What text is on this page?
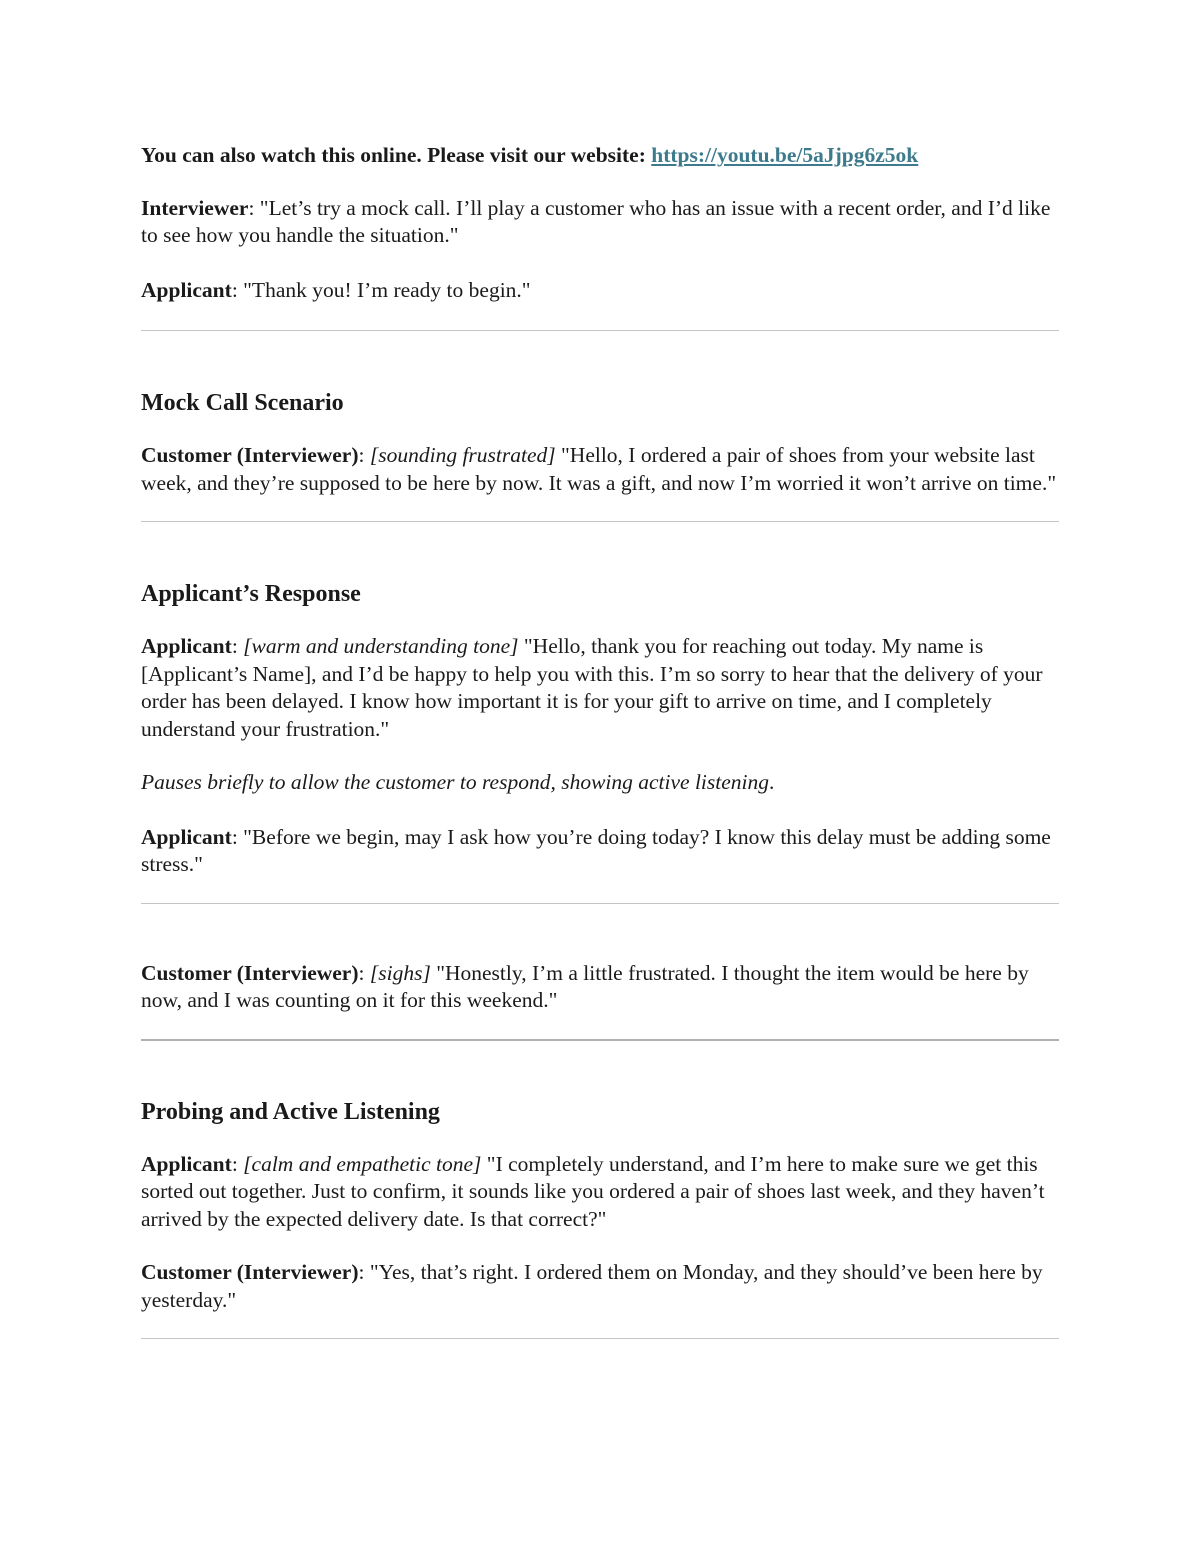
You can also watch this online. Please visit our website: https://youtu.be/5aJjpg6z5ok

Interviewer: "Let’s try a mock call. I’ll play a customer who has an issue with a recent order, and I’d like to see how you handle the situation."

Applicant: "Thank you! I’m ready to begin."

Mock Call Scenario

Customer (Interviewer): [sounding frustrated] "Hello, I ordered a pair of shoes from your website last week, and they’re supposed to be here by now. It was a gift, and now I’m worried it won’t arrive on time."

Applicant’s Response

Applicant: [warm and understanding tone] "Hello, thank you for reaching out today. My name is [Applicant’s Name], and I’d be happy to help you with this. I’m so sorry to hear that the delivery of your order has been delayed. I know how important it is for your gift to arrive on time, and I completely understand your frustration."

Pauses briefly to allow the customer to respond, showing active listening.

Applicant: "Before we begin, may I ask how you’re doing today? I know this delay must be adding some stress."

Customer (Interviewer): [sighs] "Honestly, I’m a little frustrated. I thought the item would be here by now, and I was counting on it for this weekend."

Probing and Active Listening

Applicant: [calm and empathetic tone] "I completely understand, and I’m here to make sure we get this sorted out together. Just to confirm, it sounds like you ordered a pair of shoes last week, and they haven’t arrived by the expected delivery date. Is that correct?"

Customer (Interviewer): "Yes, that’s right. I ordered them on Monday, and they should’ve been here by yesterday."
